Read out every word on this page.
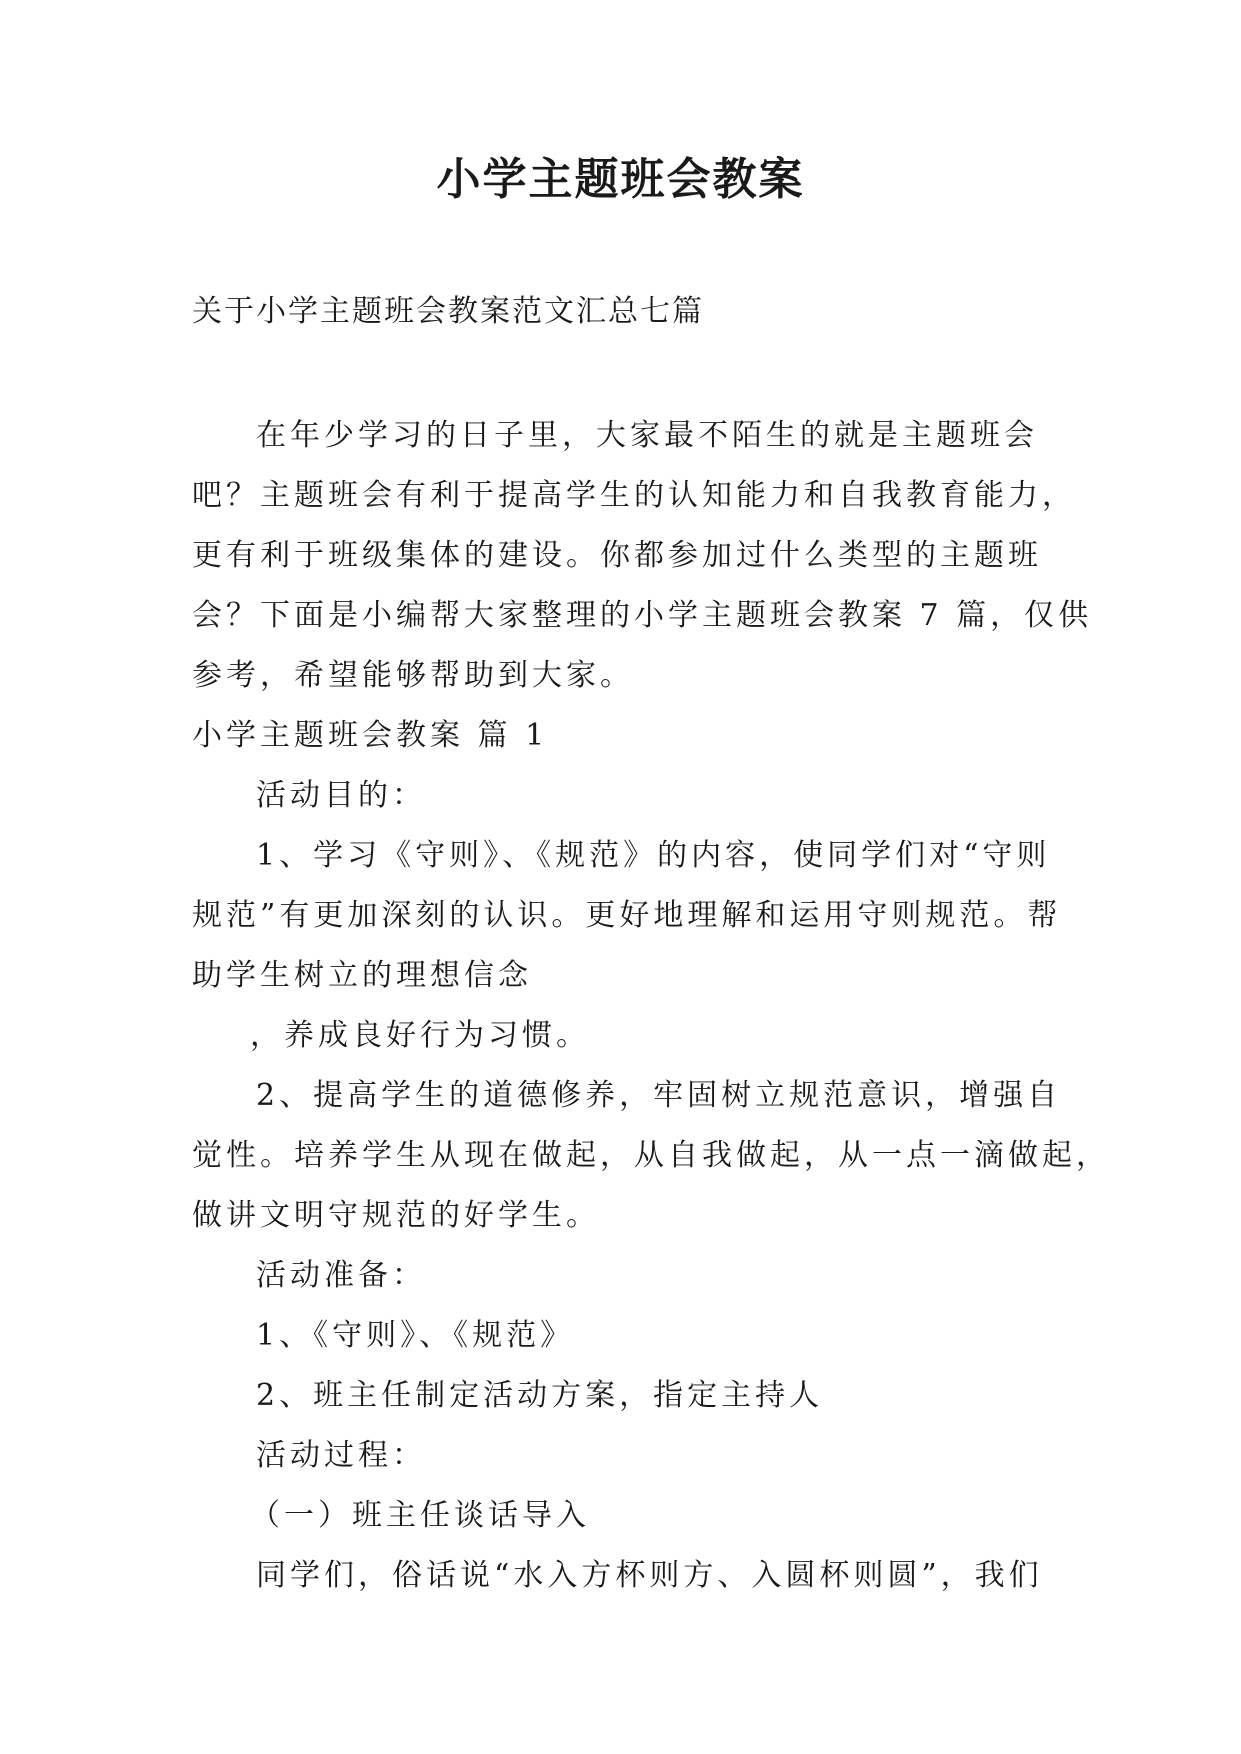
小学主题班会教案
关于小学主题班会教案范文汇总七篇
在年少学习的日子里，大家最不陌生的就是主题班会
吧？主题班会有利于提高学生的认知能力和自我教育能力，
更有利于班级集体的建设。你都参加过什么类型的主题班
会？下面是小编帮大家整理的小学主题班会教案 7 篇，仅供
参考，希望能够帮助到大家。
小学主题班会教案 篇 1
活动目的：
1、学习《守则》、《规范》的内容，使同学们对“守则
规范”有更加深刻的认识。更好地理解和运用守则规范。帮
助学生树立的理想信念
，养成良好行为习惯。
2、提高学生的道德修养，牢固树立规范意识，增强自
觉性。培养学生从现在做起，从自我做起，从一点一滴做起，
做讲文明守规范的好学生。
活动准备：
1、《守则》、《规范》
2、班主任制定活动方案，指定主持人
活动过程：
（一）班主任谈话导入
同学们，俗话说“水入方杯则方、入圆杯则圆”，我们
